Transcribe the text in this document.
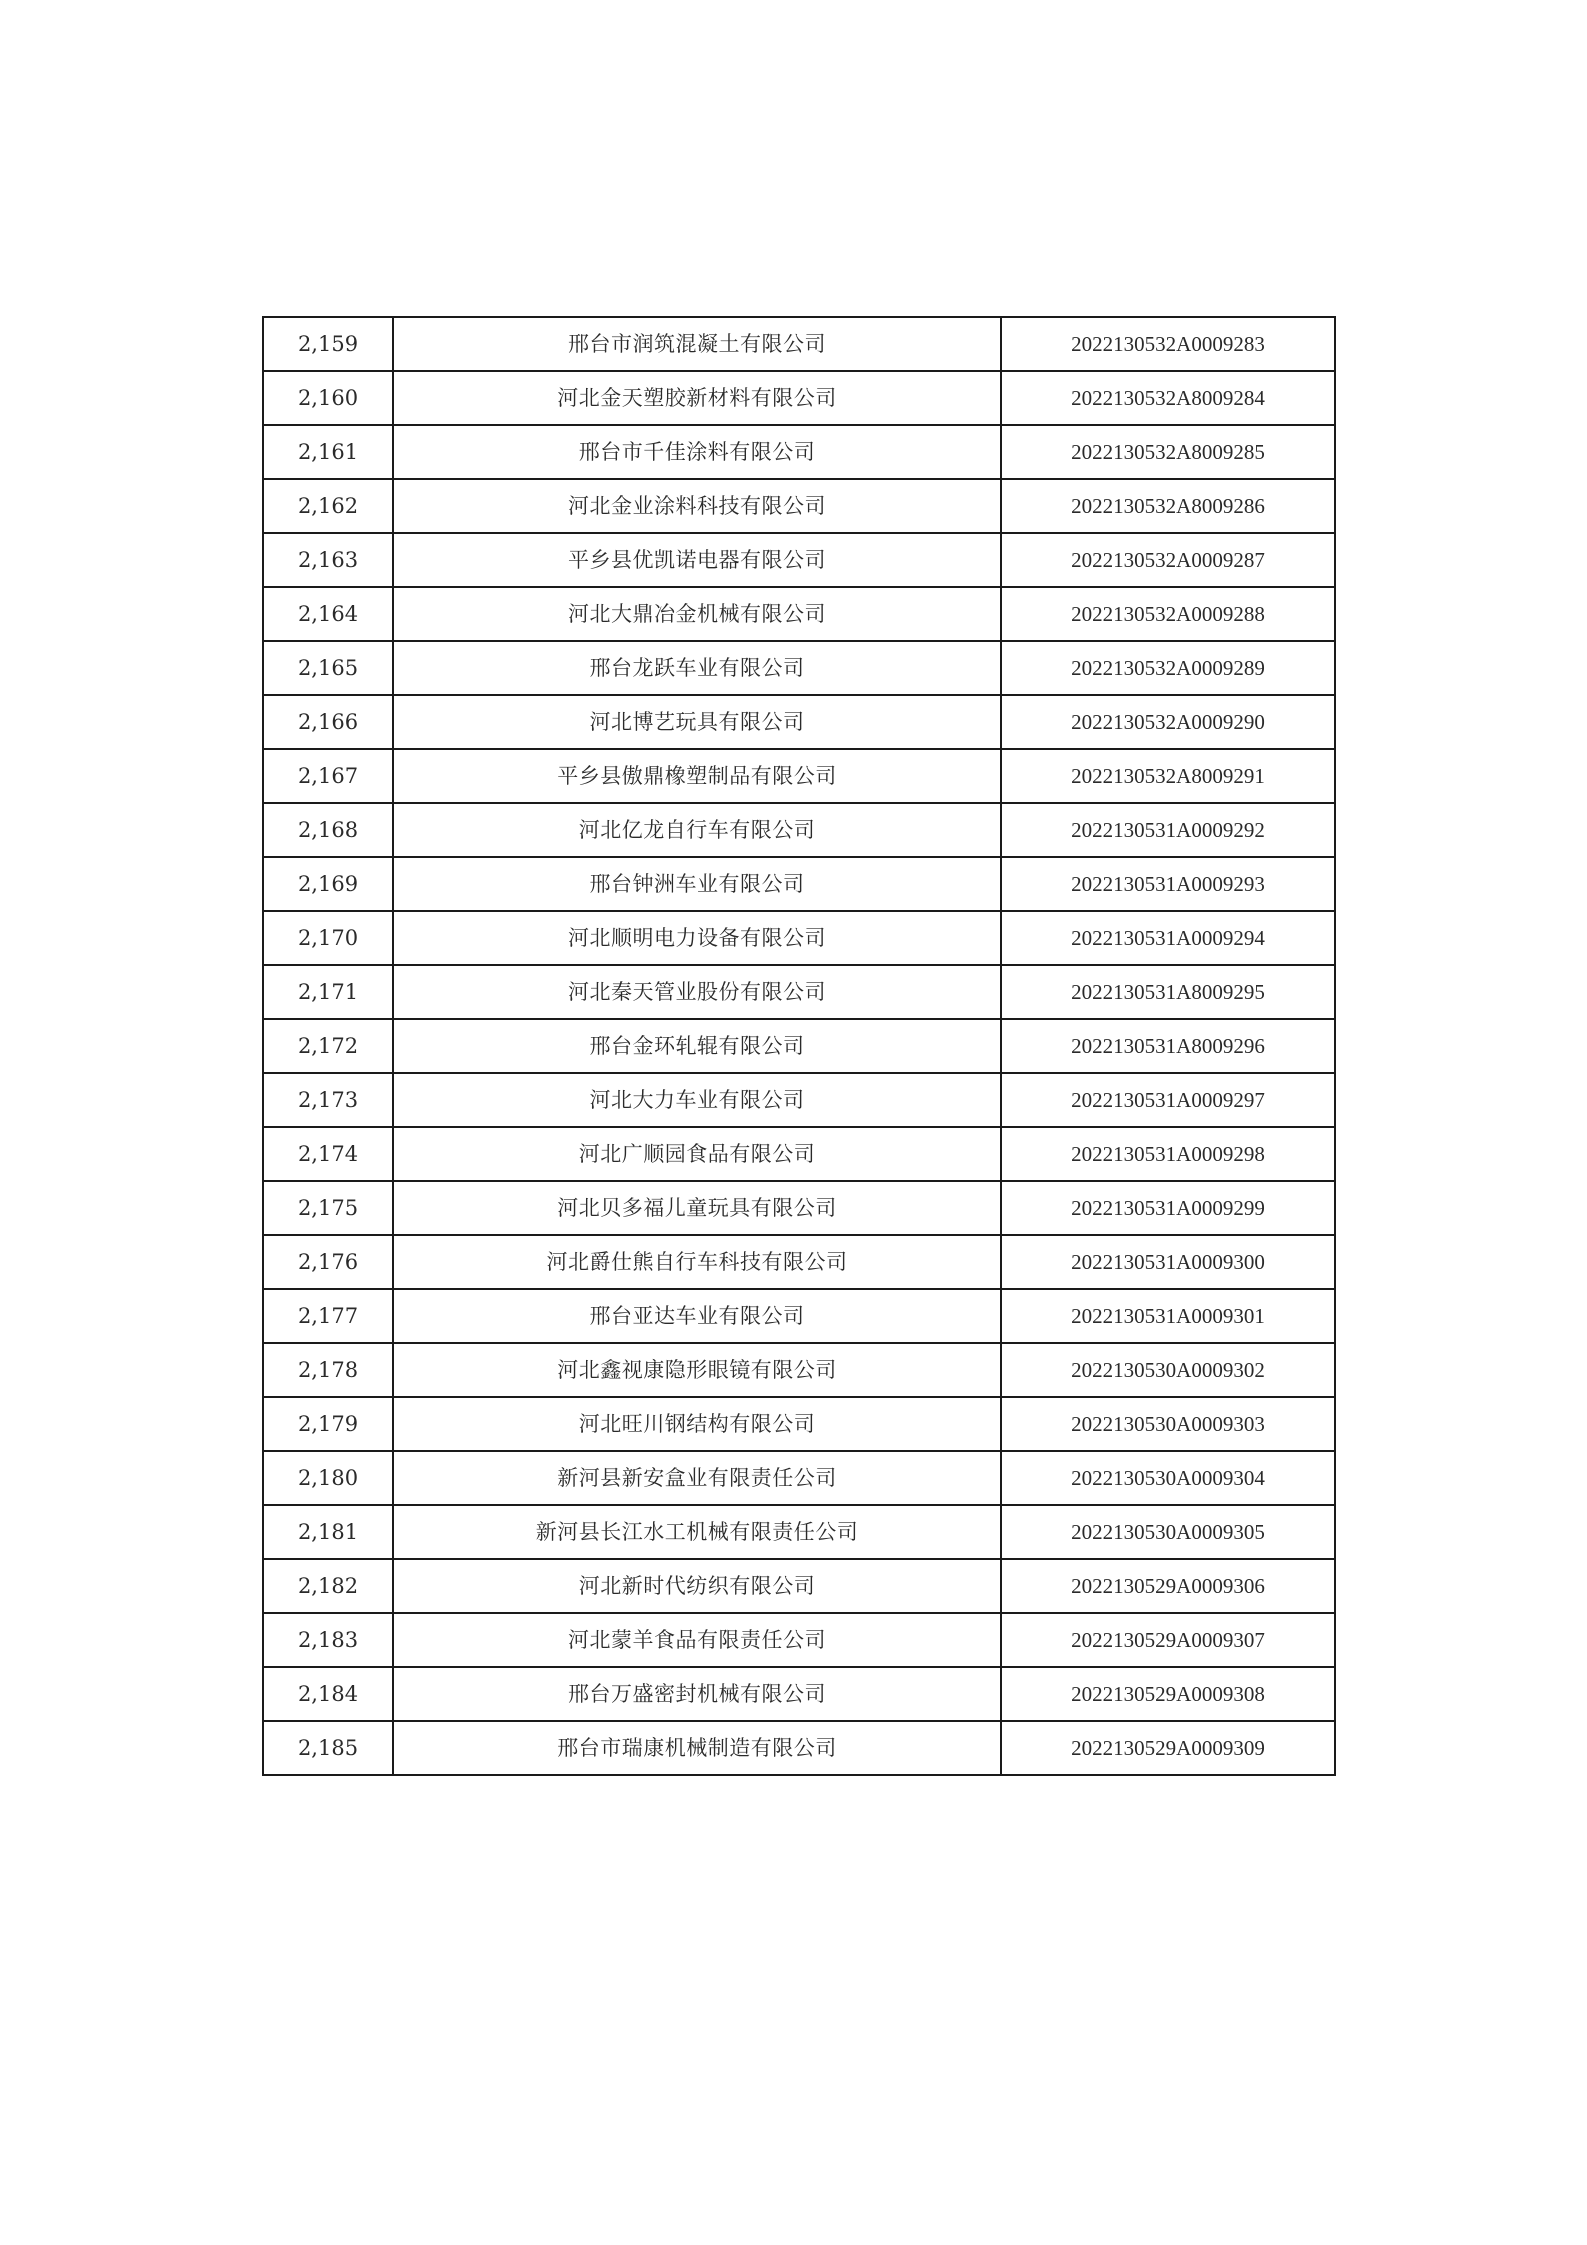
2,159	邢台市润筑混凝土有限公司	2022130532A0009283
2,160	河北金天塑胶新材料有限公司	2022130532A8009284
2,161	邢台市千佳涂料有限公司	2022130532A8009285
2,162	河北金业涂料科技有限公司	2022130532A8009286
2,163	平乡县优凯诺电器有限公司	2022130532A0009287
2,164	河北大鼎冶金机械有限公司	2022130532A0009288
2,165	邢台龙跃车业有限公司	2022130532A0009289
2,166	河北博艺玩具有限公司	2022130532A0009290
2,167	平乡县傲鼎橡塑制品有限公司	2022130532A8009291
2,168	河北亿龙自行车有限公司	2022130531A0009292
2,169	邢台钟洲车业有限公司	2022130531A0009293
2,170	河北顺明电力设备有限公司	2022130531A0009294
2,171	河北秦天管业股份有限公司	2022130531A8009295
2,172	邢台金环轧辊有限公司	2022130531A8009296
2,173	河北大力车业有限公司	2022130531A0009297
2,174	河北广顺园食品有限公司	2022130531A0009298
2,175	河北贝多福儿童玩具有限公司	2022130531A0009299
2,176	河北爵仕熊自行车科技有限公司	2022130531A0009300
2,177	邢台亚达车业有限公司	2022130531A0009301
2,178	河北鑫视康隐形眼镜有限公司	2022130530A0009302
2,179	河北旺川钢结构有限公司	2022130530A0009303
2,180	新河县新安盒业有限责任公司	2022130530A0009304
2,181	新河县长江水工机械有限责任公司	2022130530A0009305
2,182	河北新时代纺织有限公司	2022130529A0009306
2,183	河北蒙羊食品有限责任公司	2022130529A0009307
2,184	邢台万盛密封机械有限公司	2022130529A0009308
2,185	邢台市瑞康机械制造有限公司	2022130529A0009309
